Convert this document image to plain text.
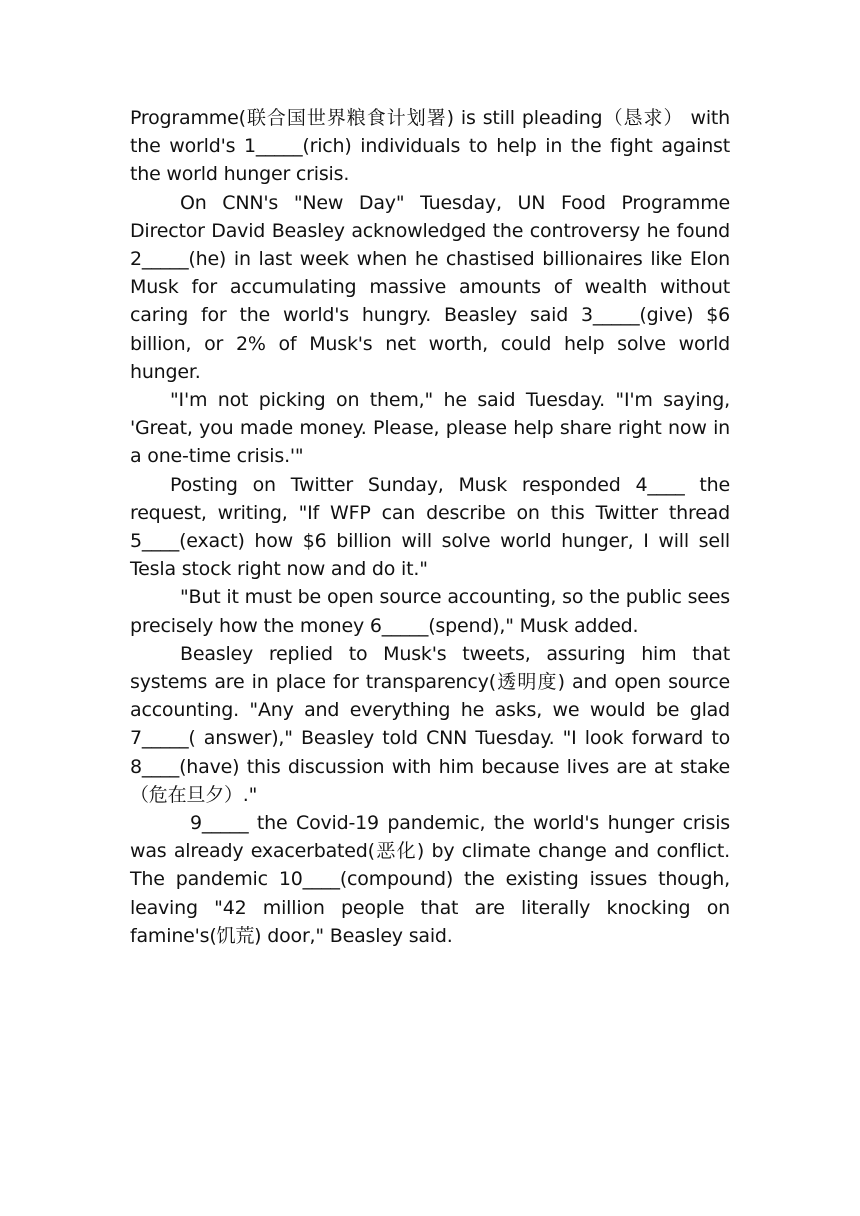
Programme(联合国世界粮食计划署) is still pleading（恳求） with the world's 1_____(rich) individuals to help in the fight against the world hunger crisis.

On CNN's "New Day" Tuesday, UN Food Programme Director David Beasley acknowledged the controversy he found 2_____(he) in last week when he chastised billionaires like Elon Musk for accumulating massive amounts of wealth without caring for the world's hungry. Beasley said 3_____(give) $6 billion, or 2% of Musk's net worth, could help solve world hunger.

"I'm not picking on them," he said Tuesday. "I'm saying, 'Great, you made money. Please, please help share right now in a one-time crisis.'"

Posting on Twitter Sunday, Musk responded 4____ the request, writing, "If WFP can describe on this Twitter thread 5____(exact) how $6 billion will solve world hunger, I will sell Tesla stock right now and do it."

"But it must be open source accounting, so the public sees precisely how the money 6_____(spend)," Musk added.

Beasley replied to Musk's tweets, assuring him that systems are in place for transparency(透明度) and open source accounting. "Any and everything he asks, we would be glad 7_____( answer)," Beasley told CNN Tuesday. "I look forward to 8____(have) this discussion with him because lives are at stake（危在旦夕）."

9_____ the Covid-19 pandemic, the world's hunger crisis was already exacerbated(恶化) by climate change and conflict. The pandemic 10____(compound) the existing issues though, leaving "42 million people that are literally knocking on famine's(饥荒) door," Beasley said.
